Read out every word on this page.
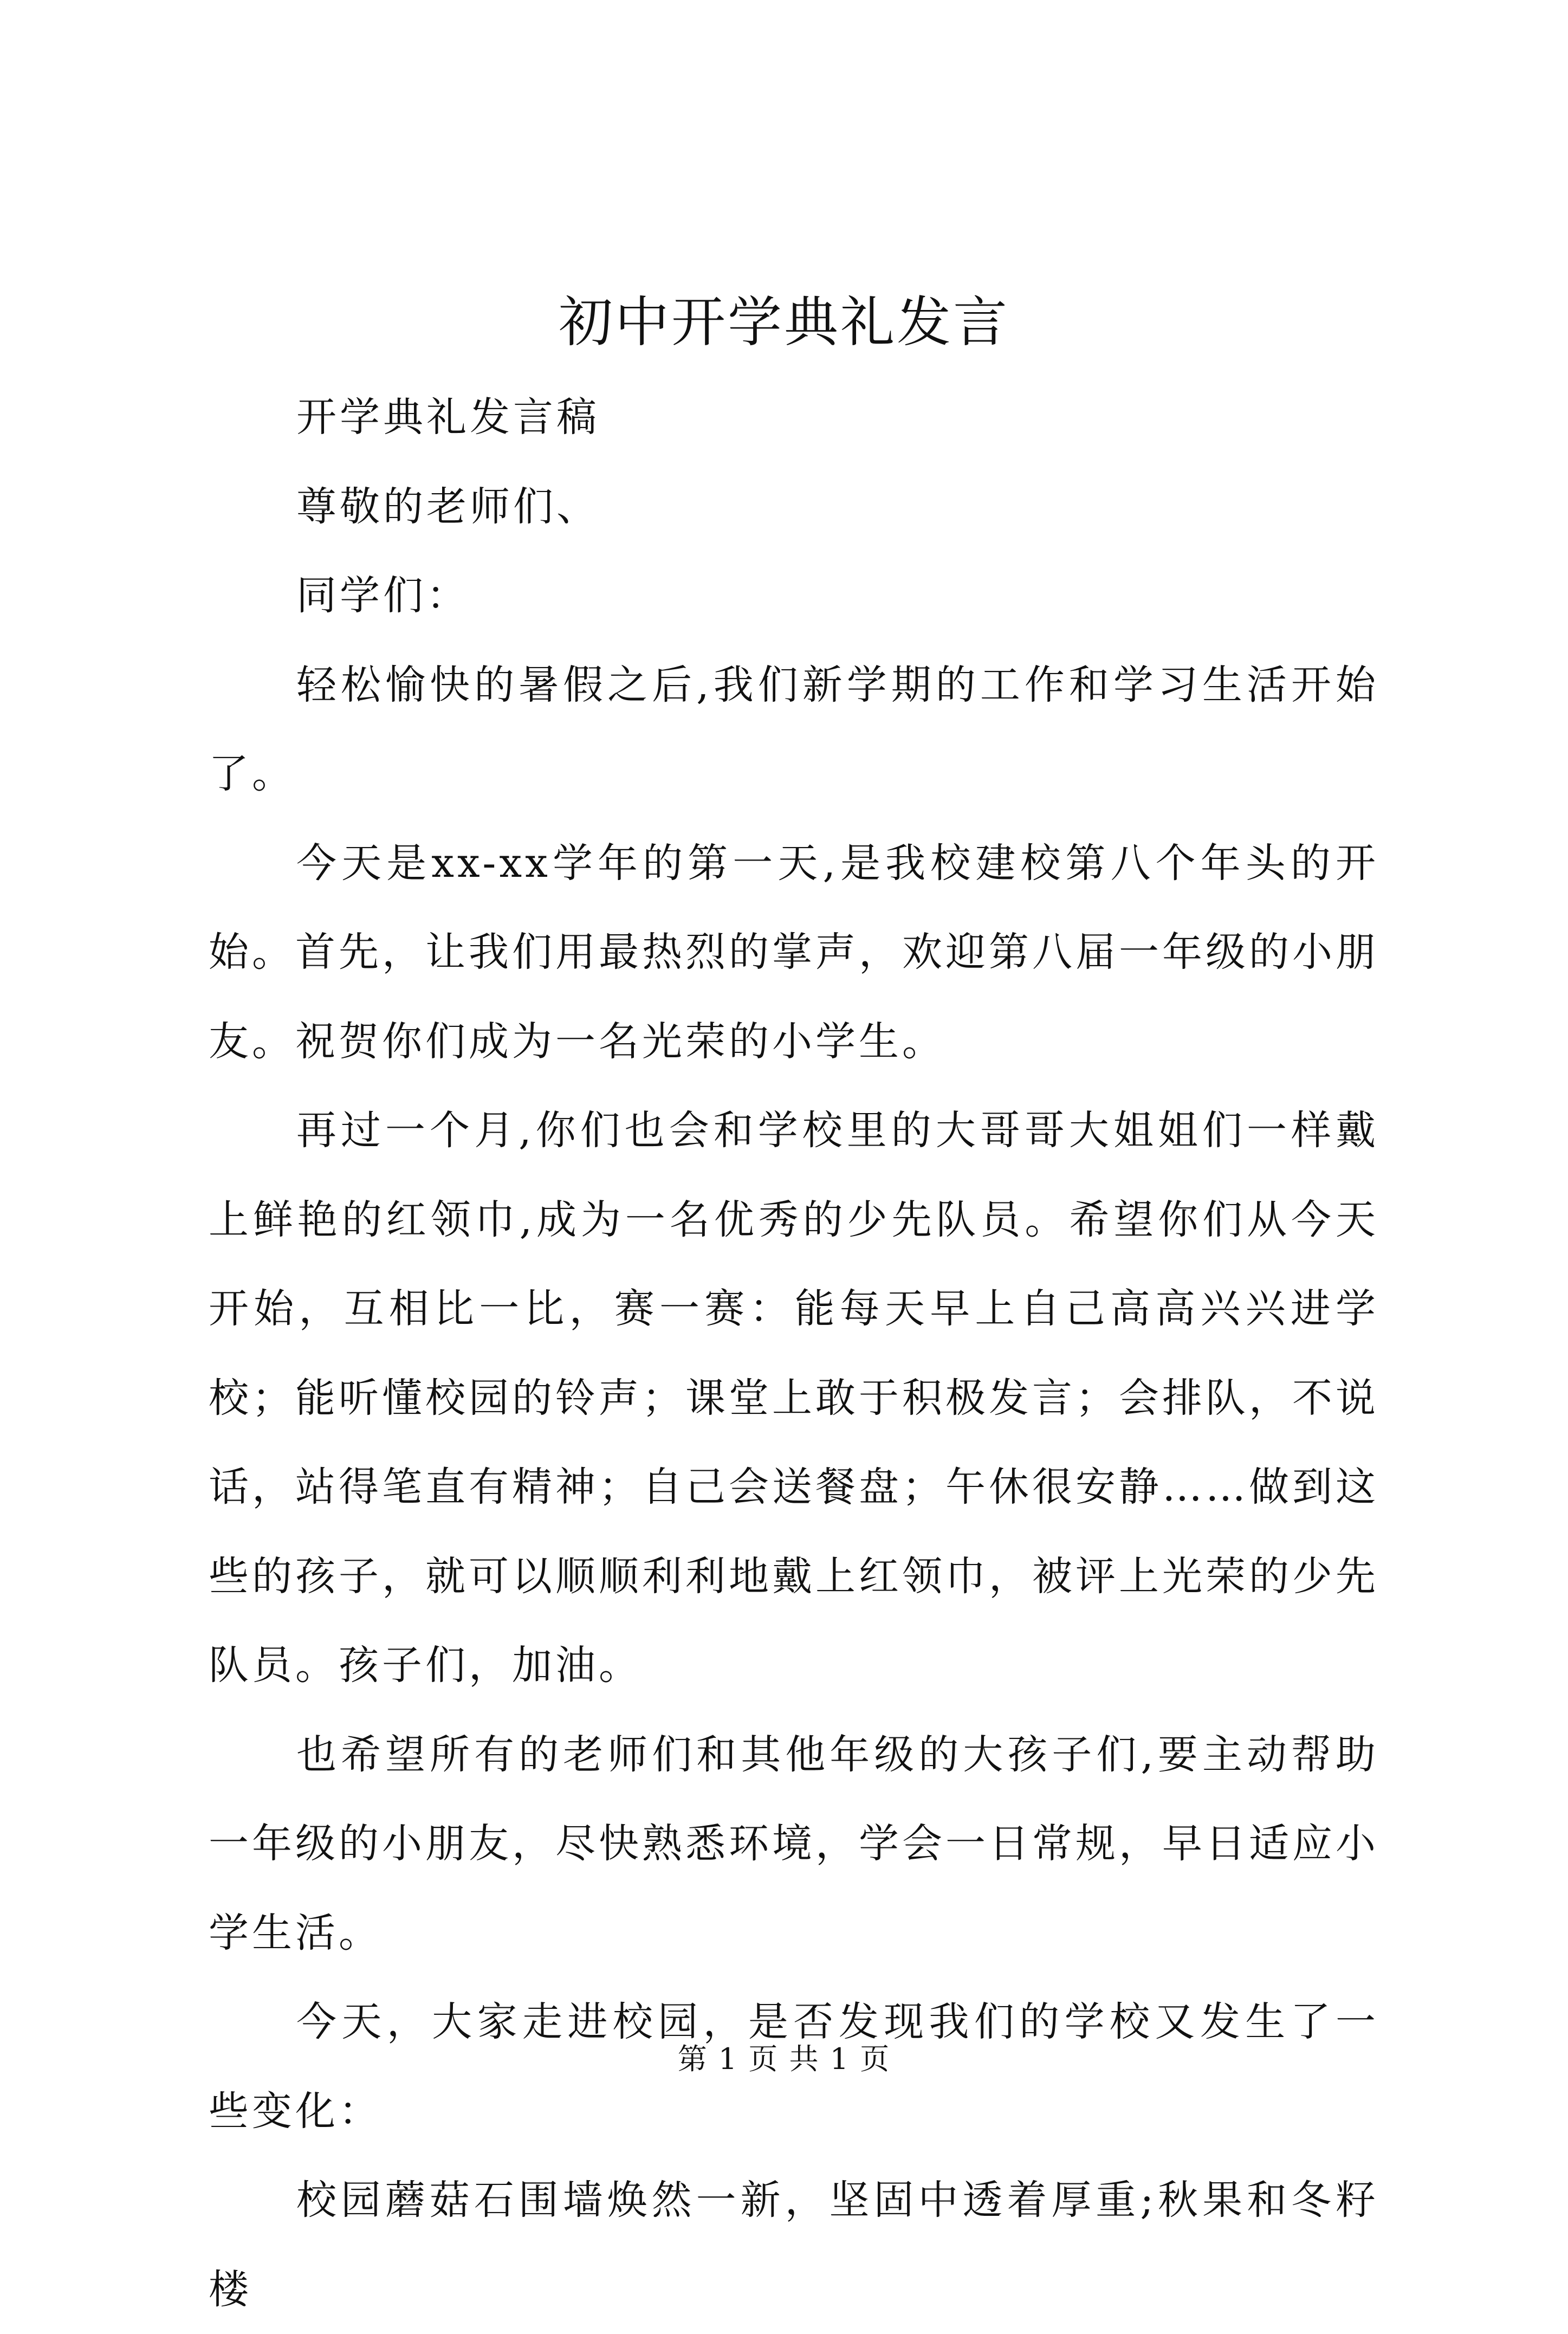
初中开学典礼发言

开学典礼发言稿

尊敬的老师们、

同学们：

轻松愉快的暑假之后,我们新学期的工作和学习生活开始了。

今天是xx-xx学年的第一天,是我校建校第八个年头的开始。首先，让我们用最热烈的掌声，欢迎第八届一年级的小朋友。祝贺你们成为一名光荣的小学生。

再过一个月,你们也会和学校里的大哥哥大姐姐们一样戴上鲜艳的红领巾,成为一名优秀的少先队员。希望你们从今天开始，互相比一比，赛一赛：能每天早上自己高高兴兴进学校；能听懂校园的铃声；课堂上敢于积极发言；会排队，不说话，站得笔直有精神；自己会送餐盘；午休很安静……做到这些的孩子，就可以顺顺利利地戴上红领巾，被评上光荣的少先队员。孩子们，加油。

也希望所有的老师们和其他年级的大孩子们,要主动帮助一年级的小朋友，尽快熟悉环境，学会一日常规，早日适应小学生活。

今天，大家走进校园，是否发现我们的学校又发生了一些变化：

校园蘑菇石围墙焕然一新，坚固中透着厚重;秋果和冬籽楼

第 1 页 共 1 页
